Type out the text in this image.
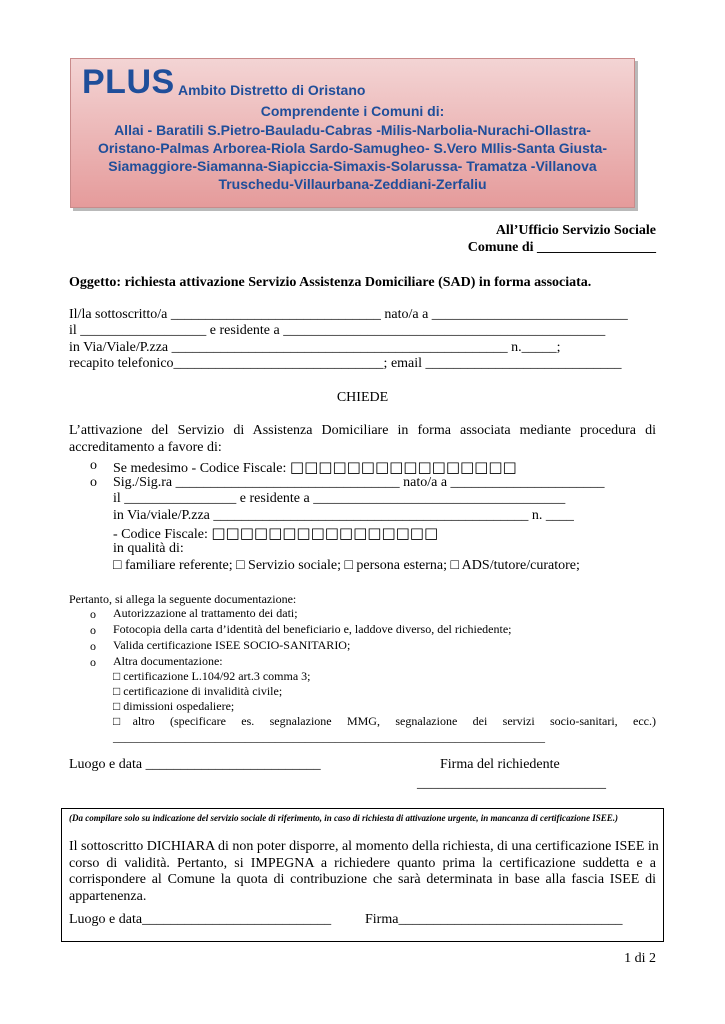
PLUS Ambito Distretto di Oristano
Comprendente i Comuni di:
Allai - Baratili S.Pietro-Bauladu-Cabras -Milis-Narbolia-Nurachi-Ollastra-
Oristano-Palmas Arborea-Riola Sardo-Samugheo- S.Vero MIlis-Santa Giusta-
Siamaggiore-Siamanna-Siapiccia-Simaxis-Solarussa- Tramatza -Villanova
Truschedu-Villaurbana-Zeddiani-Zerfaliu
All’Ufficio Servizio Sociale
Comune di _________________
Oggetto: richiesta attivazione Servizio Assistenza Domiciliare (SAD) in forma associata.
Il/la sottoscritto/a ______________________________ nato/a a ____________________________
il __________________ e residente a ______________________________________________
in Via/Viale/P.zza ________________________________________________ n._____;
recapito telefonico______________________________; email ____________________________
CHIEDE
L’attivazione del Servizio di Assistenza Domiciliare in forma associata mediante procedura di
accreditamento a favore di:
o Se medesimo - Codice Fiscale: □□□□□□□□□□□□□□□□
o Sig./Sig.ra ________________________________ nato/a a ______________________
il ________________ e residente a ____________________________________
in Via/viale/P.zza _____________________________________________ n. ____
- Codice Fiscale: □□□□□□□□□□□□□□□□
in qualità di:
□ familiare referente; □ Servizio sociale; □ persona esterna; □ ADS/tutore/curatore;
Pertanto, si allega la seguente documentazione:
o Autorizzazione al trattamento dei dati;
o Fotocopia della carta d’identità del beneficiario e, laddove diverso, del richiedente;
o Valida certificazione ISEE SOCIO-SANITARIO;
o Altra documentazione:
□ certificazione L.104/92 art.3 comma 3;
□ certificazione di invalidità civile;
□ dimissioni ospedaliere;
□altro (specificare es. segnalazione MMG, segnalazione dei servizi socio-sanitari, ecc.)
________________________________________________________________________
Luogo e data _________________________	Firma del richiedente
___________________________
(Da compilare solo su indicazione del servizio sociale di riferimento, in caso di richiesta di attivazione urgente, in mancanza di certificazione ISEE.)
Il sottoscritto DICHIARA di non poter disporre, al momento della richiesta, di una certificazione ISEE in
corso di validità. Pertanto, si IMPEGNA a richiedere quanto prima la certificazione suddetta e a
corrispondere al Comune la quota di contribuzione che sarà determinata in base alla fascia ISEE di
appartenenza.
Luogo e data___________________________ Firma________________________________
1 di 2
